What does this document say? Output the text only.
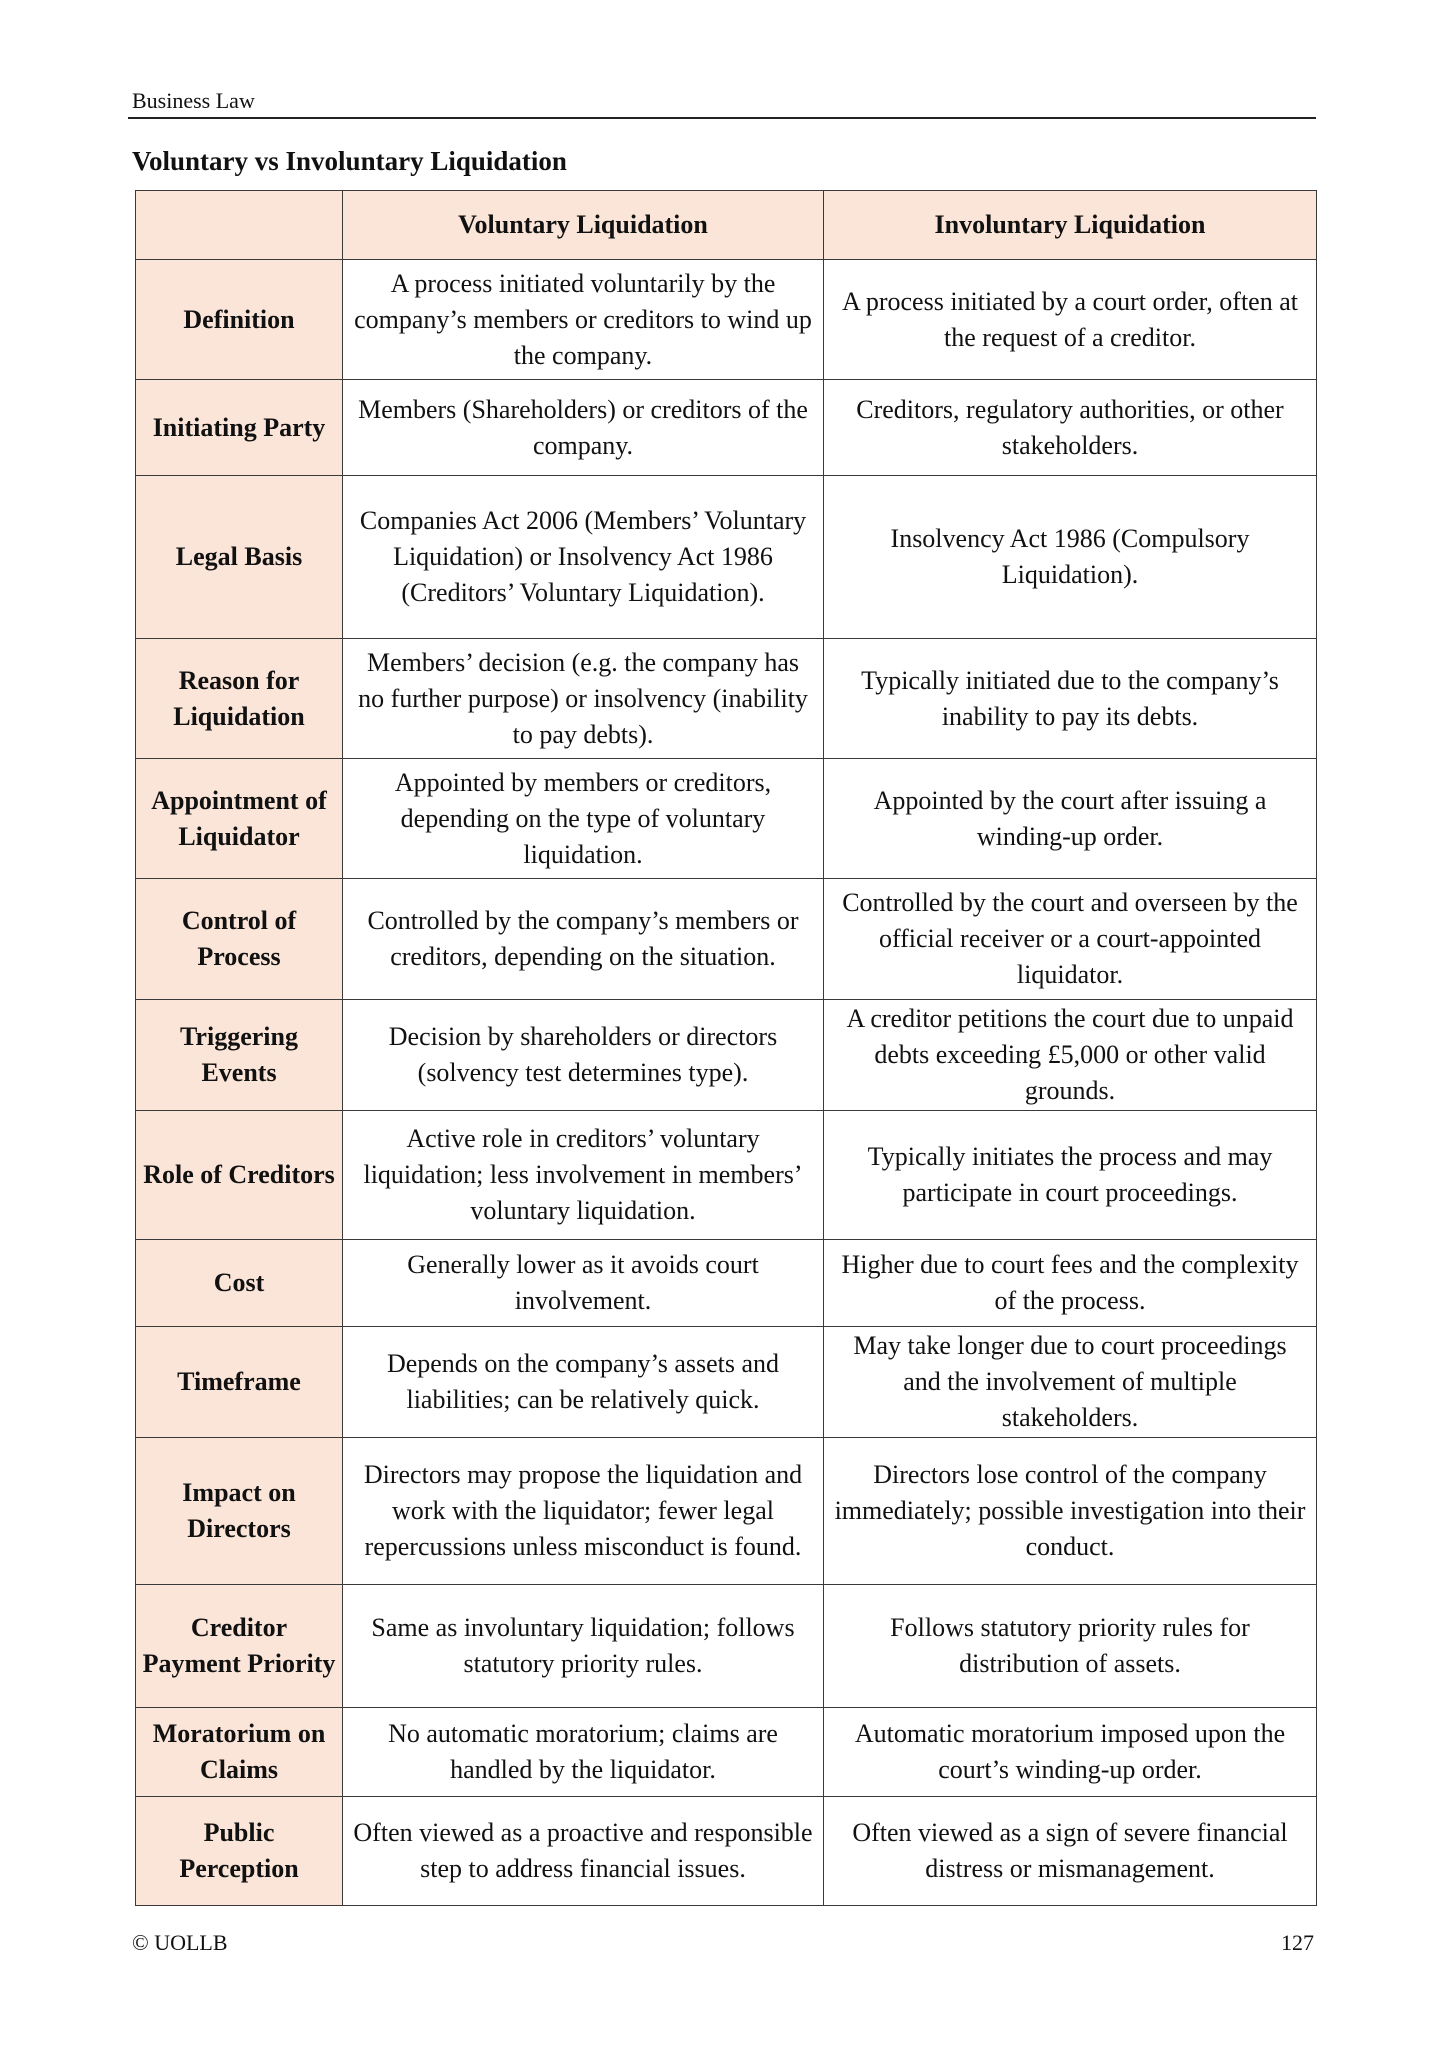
Business Law
Voluntary vs Involuntary Liquidation
	Voluntary Liquidation	Involuntary Liquidation
Definition	A process initiated voluntarily by the company’s members or creditors to wind up the company.	A process initiated by a court order, often at the request of a creditor.
Initiating Party	Members (Shareholders) or creditors of the company.	Creditors, regulatory authorities, or other stakeholders.
Legal Basis	Companies Act 2006 (Members’ Voluntary Liquidation) or Insolvency Act 1986 (Creditors’ Voluntary Liquidation).	Insolvency Act 1986 (Compulsory Liquidation).
Reason for Liquidation	Members’ decision (e.g. the company has no further purpose) or insolvency (inability to pay debts).	Typically initiated due to the company’s inability to pay its debts.
Appointment of Liquidator	Appointed by members or creditors, depending on the type of voluntary liquidation.	Appointed by the court after issuing a winding-up order.
Control of Process	Controlled by the company’s members or creditors, depending on the situation.	Controlled by the court and overseen by the official receiver or a court-appointed liquidator.
Triggering Events	Decision by shareholders or directors (solvency test determines type).	A creditor petitions the court due to unpaid debts exceeding £5,000 or other valid grounds.
Role of Creditors	Active role in creditors’ voluntary liquidation; less involvement in members’ voluntary liquidation.	Typically initiates the process and may participate in court proceedings.
Cost	Generally lower as it avoids court involvement.	Higher due to court fees and the complexity of the process.
Timeframe	Depends on the company’s assets and liabilities; can be relatively quick.	May take longer due to court proceedings and the involvement of multiple stakeholders.
Impact on Directors	Directors may propose the liquidation and work with the liquidator; fewer legal repercussions unless misconduct is found.	Directors lose control of the company immediately; possible investigation into their conduct.
Creditor Payment Priority	Same as involuntary liquidation; follows statutory priority rules.	Follows statutory priority rules for distribution of assets.
Moratorium on Claims	No automatic moratorium; claims are handled by the liquidator.	Automatic moratorium imposed upon the court’s winding-up order.
Public Perception	Often viewed as a proactive and responsible step to address financial issues.	Often viewed as a sign of severe financial distress or mismanagement.
© UOLLB	127
